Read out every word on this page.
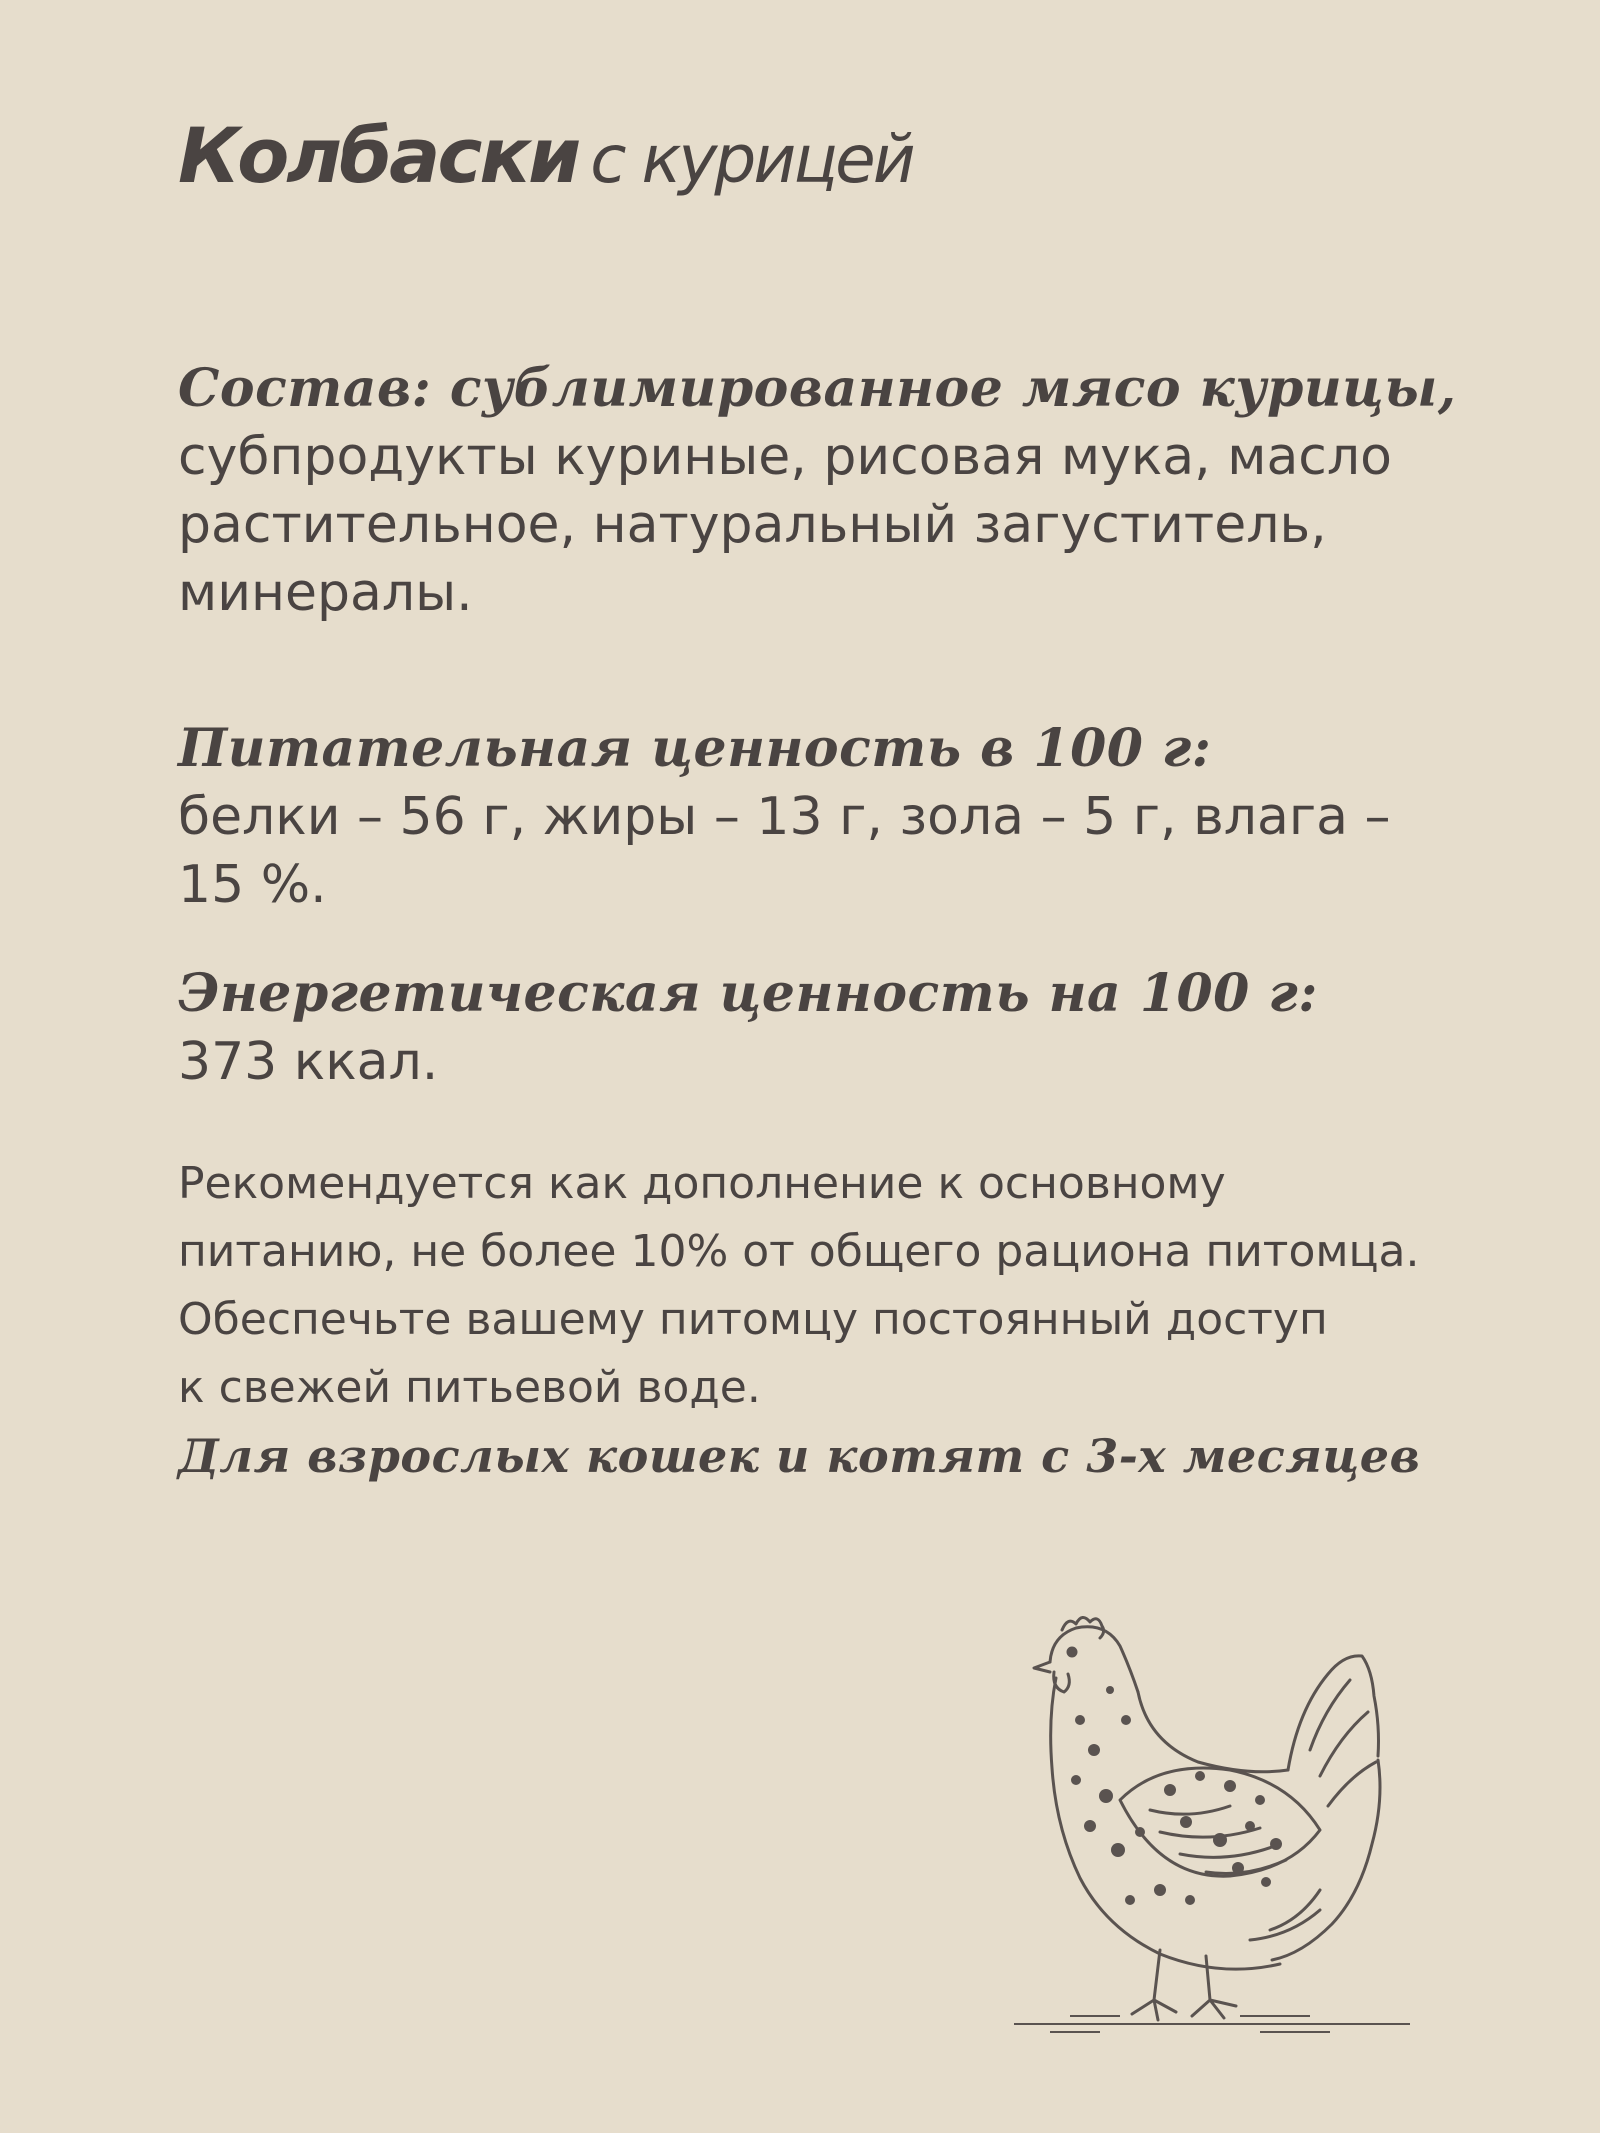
Колбаски с курицей
Состав: сублимированное мясо курицы,
субпродукты куриные, рисовая мука, масло
растительное, натуральный загуститель,
минералы.
Питательная ценность в 100 г:
белки – 56 г, жиры – 13 г, зола – 5 г, влага –
15 %.
Энергетическая ценность на 100 г:
373 ккал.
Рекомендуется как дополнение к основному
питанию, не более 10% от общего рациона питомца.
Обеспечьте вашему питомцу постоянный доступ
к свежей питьевой воде.
Для взрослых кошек и котят с 3-х месяцев
